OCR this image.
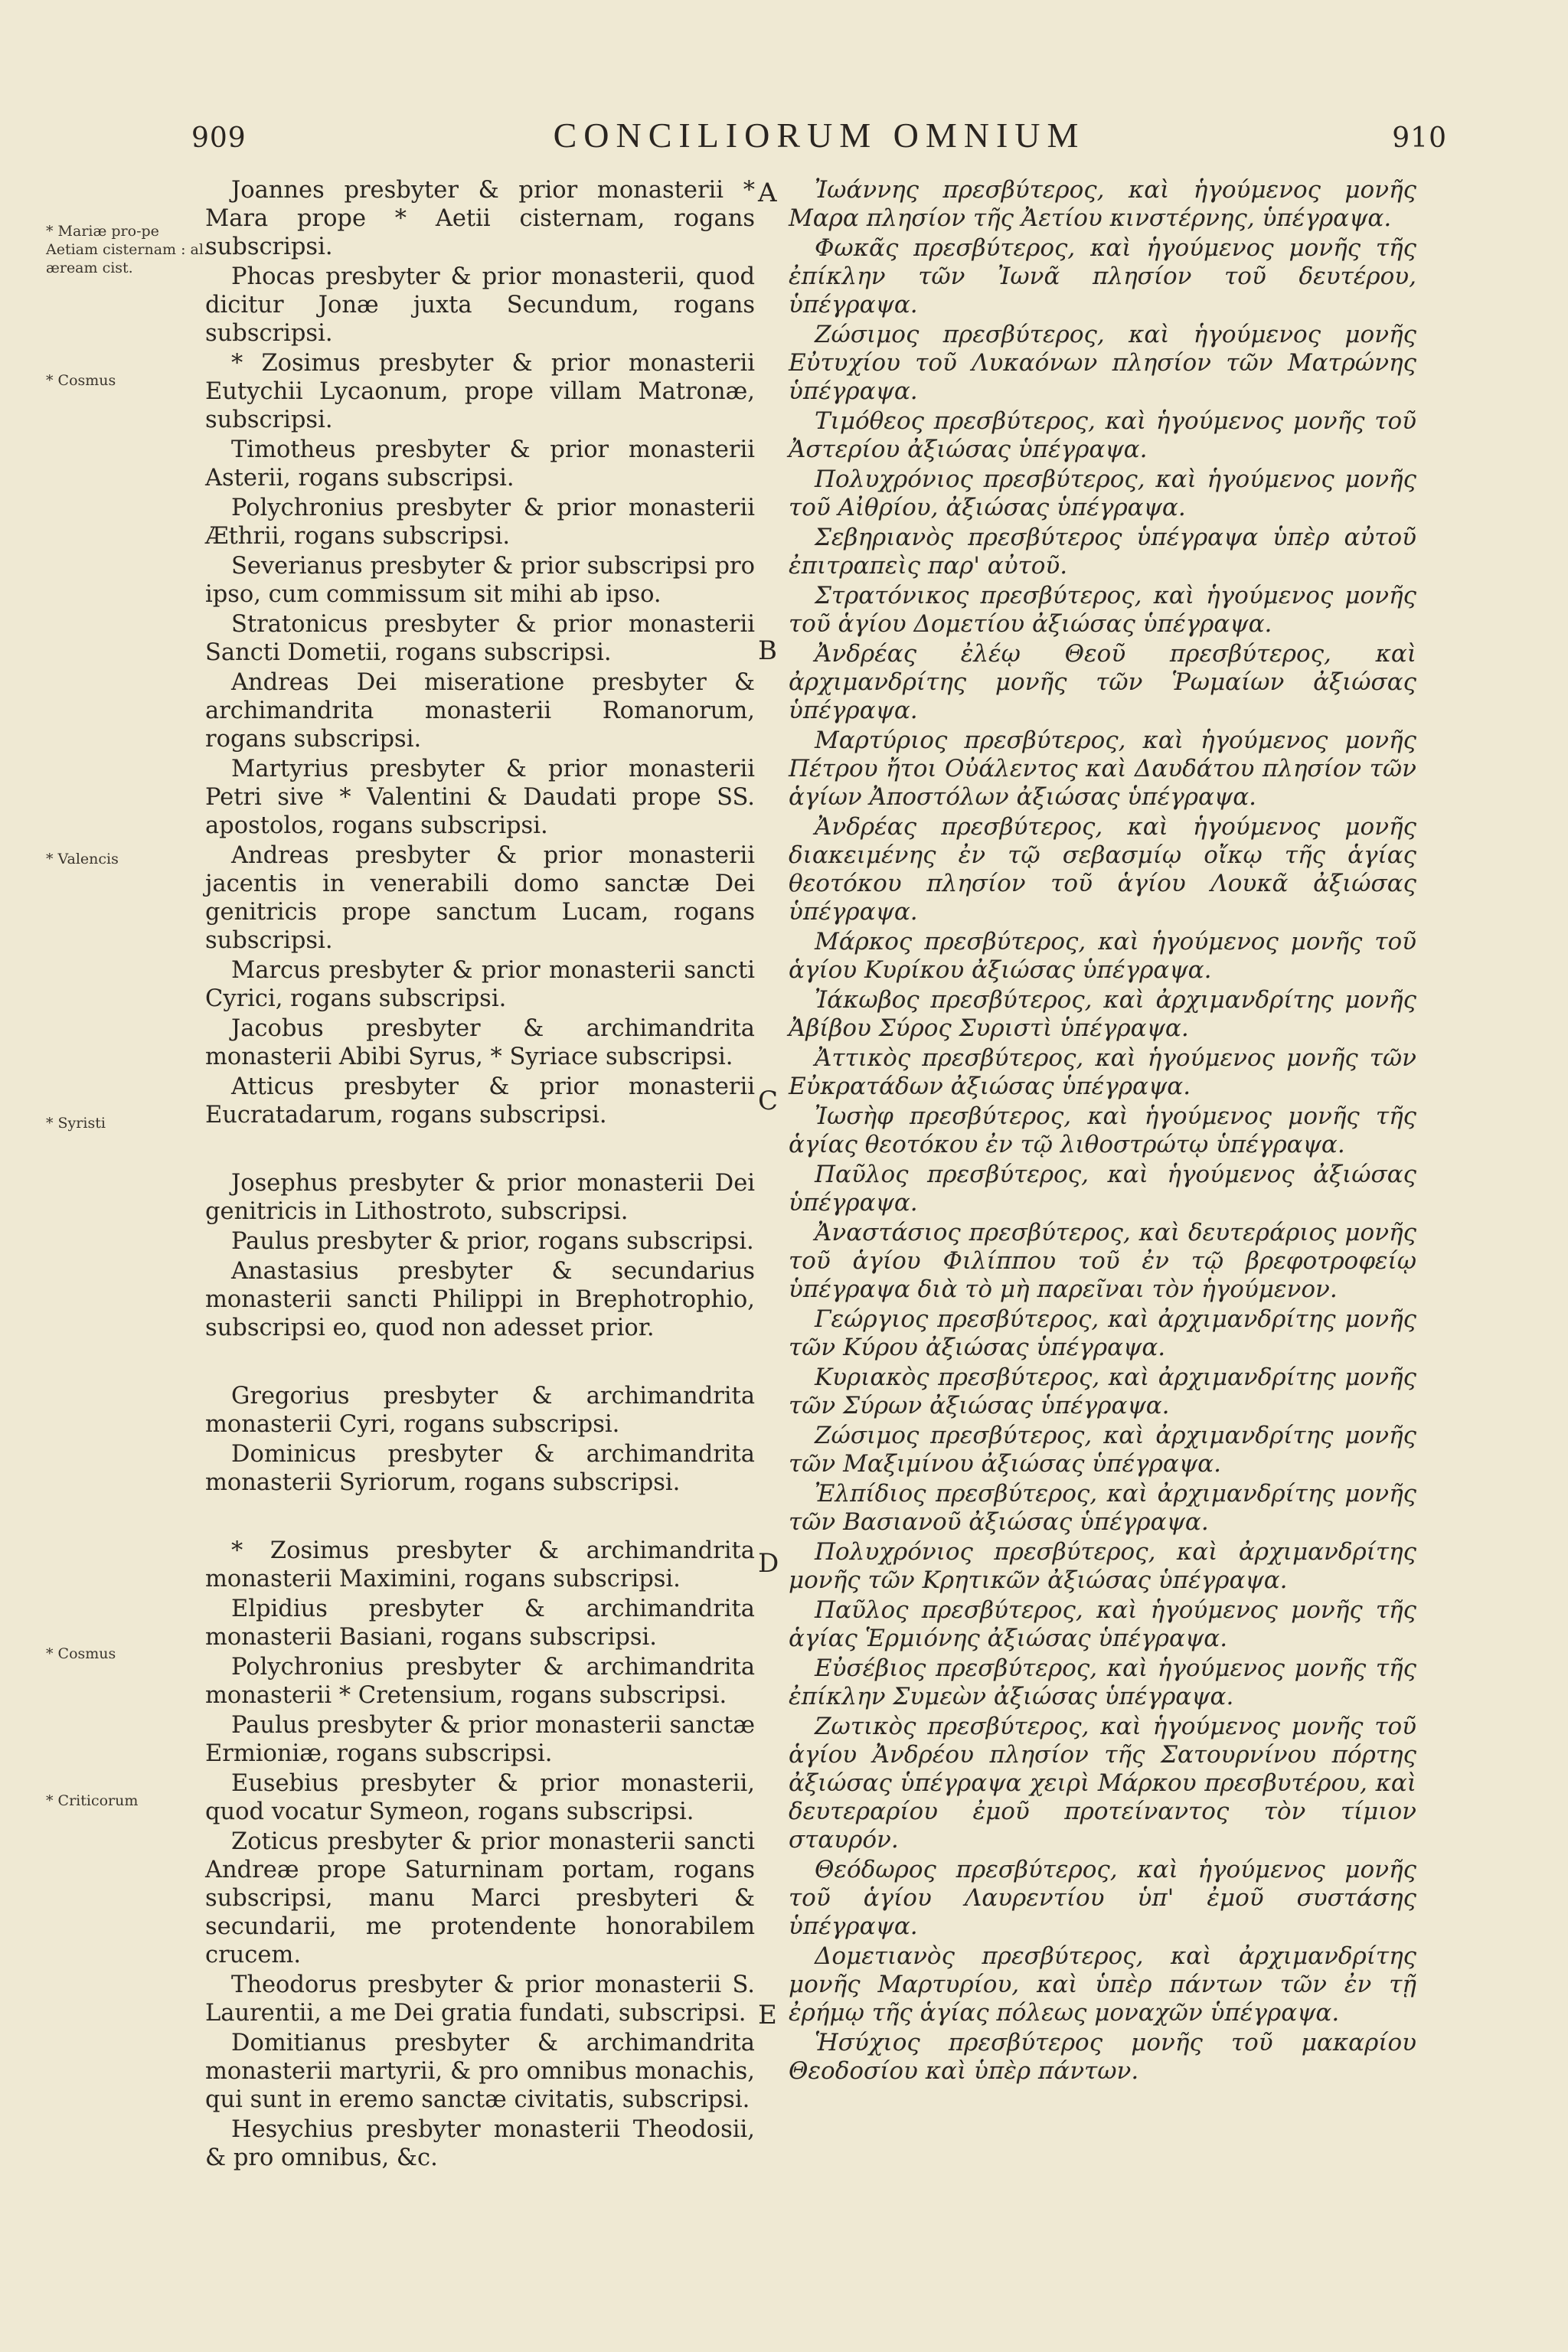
909	CONCILIORUM OMNIUM	910
* Mariæ pro-pe Aetiam cisternam : al. æream cist.
* Cosmus
* Valencis
* Syristi
* Cosmus
* Criticorum
A
B
C
D
E

Joannes presbyter & prior monasterii * Mara prope * Aetii cisternam, rogans subscripsi.

Phocas presbyter & prior monasterii, quod dicitur Jonæ juxta Secundum, rogans subscripsi.

* Zosimus presbyter & prior monasterii Eutychii Lycaonum, prope villam Matronæ, subscripsi.

Timotheus presbyter & prior monasterii Asterii, rogans subscripsi.

Polychronius presbyter & prior monasterii Æthrii, rogans subscripsi.

Severianus presbyter & prior subscripsi pro ipso, cum commissum sit mihi ab ipso.

Stratonicus presbyter & prior monasterii Sancti Dometii, rogans subscripsi.

Andreas Dei miseratione presbyter & archimandrita monasterii Romanorum, rogans subscripsi.

Martyrius presbyter & prior monasterii Petri sive * Valentini & Daudati prope SS. apostolos, rogans subscripsi.

Andreas presbyter & prior monasterii jacentis in venerabili domo sanctæ Dei genitricis prope sanctum Lucam, rogans subscripsi.

Marcus presbyter & prior monasterii sancti Cyrici, rogans subscripsi.

Jacobus presbyter & archimandrita monasterii Abibi Syrus, * Syriace subscripsi.

Atticus presbyter & prior monasterii Eucratadarum, rogans subscripsi.

Josephus presbyter & prior monasterii Dei genitricis in Lithostroto, subscripsi.

Paulus presbyter & prior, rogans subscripsi.

Anastasius presbyter & secundarius monasterii sancti Philippi in Brephotrophio, subscripsi eo, quod non adesset prior.

Gregorius presbyter & archimandrita monasterii Cyri, rogans subscripsi.

Dominicus presbyter & archimandrita monasterii Syriorum, rogans subscripsi.

* Zosimus presbyter & archimandrita monasterii Maximini, rogans subscripsi.

Elpidius presbyter & archimandrita monasterii Basiani, rogans subscripsi.

Polychronius presbyter & archimandrita monasterii * Cretensium, rogans subscripsi.

Paulus presbyter & prior monasterii sanctæ Ermioniæ, rogans subscripsi.

Eusebius presbyter & prior monasterii, quod vocatur Symeon, rogans subscripsi.

Zoticus presbyter & prior monasterii sancti Andreæ prope Saturninam portam, rogans subscripsi, manu Marci presbyteri & secundarii, me protendente honorabilem crucem.

Theodorus presbyter & prior monasterii S. Laurentii, a me Dei gratia fundati, subscripsi.

Domitianus presbyter & archimandrita monasterii martyrii, & pro omnibus monachis, qui sunt in eremo sanctæ civitatis, subscripsi.

Hesychius presbyter monasterii Theodosii, & pro omnibus, &c.

Ἰωάννης πρεσβύτερος, καὶ ἡγούμενος μονῆς Μαρα πλησίον τῆς Ἀετίου κινστέρνης, ὑπέγραψα.

Φωκᾶς πρεσβύτερος, καὶ ἡγούμενος μονῆς τῆς ἐπίκλην τῶν Ἰωνᾶ πλησίον τοῦ δευτέρου, ὑπέγραψα.

Ζώσιμος πρεσβύτερος, καὶ ἡγούμενος μονῆς Εὐτυχίου τοῦ Λυκαόνων πλησίον τῶν Ματρώνης ὑπέγραψα.

Τιμόθεος πρεσβύτερος, καὶ ἡγούμενος μονῆς τοῦ Ἀστερίου ἀξιώσας ὑπέγραψα.

Πολυχρόνιος πρεσβύτερος, καὶ ἡγούμενος μονῆς τοῦ Αἰθρίου, ἀξιώσας ὑπέγραψα.

Σεβηριανὸς πρεσβύτερος ὑπέγραψα ὑπὲρ αὐτοῦ ἐπιτραπεὶς παρ' αὐτοῦ.

Στρατόνικος πρεσβύτερος, καὶ ἡγούμενος μονῆς τοῦ ἁγίου Δομετίου ἀξιώσας ὑπέγραψα.

Ἀνδρέας ἐλέῳ Θεοῦ πρεσβύτερος, καὶ ἀρχιμανδρίτης μονῆς τῶν Ῥωμαίων ἀξιώσας ὑπέγραψα.

Μαρτύριος πρεσβύτερος, καὶ ἡγούμενος μονῆς Πέτρου ἤτοι Οὐάλεντος καὶ Δαυδάτου πλησίον τῶν ἁγίων Ἀποστόλων ἀξιώσας ὑπέγραψα.

Ἀνδρέας πρεσβύτερος, καὶ ἡγούμενος μονῆς διακειμένης ἐν τῷ σεβασμίῳ οἴκῳ τῆς ἁγίας θεοτόκου πλησίον τοῦ ἁγίου Λουκᾶ ἀξιώσας ὑπέγραψα.

Μάρκος πρεσβύτερος, καὶ ἡγούμενος μονῆς τοῦ ἁγίου Κυρίκου ἀξιώσας ὑπέγραψα.

Ἰάκωβος πρεσβύτερος, καὶ ἀρχιμανδρίτης μονῆς Ἀβίβου Σύρος Συριστὶ ὑπέγραψα.

Ἀττικὸς πρεσβύτερος, καὶ ἡγούμενος μονῆς τῶν Εὐκρατάδων ἀξιώσας ὑπέγραψα.

Ἰωσὴφ πρεσβύτερος, καὶ ἡγούμενος μονῆς τῆς ἁγίας θεοτόκου ἐν τῷ λιθοστρώτῳ ὑπέγραψα.

Παῦλος πρεσβύτερος, καὶ ἡγούμενος ἀξιώσας ὑπέγραψα.

Ἀναστάσιος πρεσβύτερος, καὶ δευτεράριος μονῆς τοῦ ἁγίου Φιλίππου τοῦ ἐν τῷ βρεφοτροφείῳ ὑπέγραψα διὰ τὸ μὴ παρεῖναι τὸν ἡγούμενον.

Γεώργιος πρεσβύτερος, καὶ ἀρχιμανδρίτης μονῆς τῶν Κύρου ἀξιώσας ὑπέγραψα.

Κυριακὸς πρεσβύτερος, καὶ ἀρχιμανδρίτης μονῆς τῶν Σύρων ἀξιώσας ὑπέγραψα.

Ζώσιμος πρεσβύτερος, καὶ ἀρχιμανδρίτης μονῆς τῶν Μαξιμίνου ἀξιώσας ὑπέγραψα.

Ἐλπίδιος πρεσβύτερος, καὶ ἀρχιμανδρίτης μονῆς τῶν Βασιανοῦ ἀξιώσας ὑπέγραψα.

Πολυχρόνιος πρεσβύτερος, καὶ ἀρχιμανδρίτης μονῆς τῶν Κρητικῶν ἀξιώσας ὑπέγραψα.

Παῦλος πρεσβύτερος, καὶ ἡγούμενος μονῆς τῆς ἁγίας Ἑρμιόνης ἀξιώσας ὑπέγραψα.

Εὐσέβιος πρεσβύτερος, καὶ ἡγούμενος μονῆς τῆς ἐπίκλην Συμεὼν ἀξιώσας ὑπέγραψα.

Ζωτικὸς πρεσβύτερος, καὶ ἡγούμενος μονῆς τοῦ ἁγίου Ἀνδρέου πλησίον τῆς Σατουρνίνου πόρτης ἀξιώσας ὑπέγραψα χειρὶ Μάρκου πρεσβυτέρου, καὶ δευτεραρίου ἐμοῦ προτείναντος τὸν τίμιον σταυρόν.

Θεόδωρος πρεσβύτερος, καὶ ἡγούμενος μονῆς τοῦ ἁγίου Λαυρεντίου ὑπ' ἐμοῦ συστάσης ὑπέγραψα.

Δομετιανὸς πρεσβύτερος, καὶ ἀρχιμανδρίτης μονῆς Μαρτυρίου, καὶ ὑπὲρ πάντων τῶν ἐν τῇ ἐρήμῳ τῆς ἁγίας πόλεως μοναχῶν ὑπέγραψα.

Ἡσύχιος πρεσβύτερος μονῆς τοῦ μακαρίου Θεοδοσίου καὶ ὑπὲρ πάντων.
